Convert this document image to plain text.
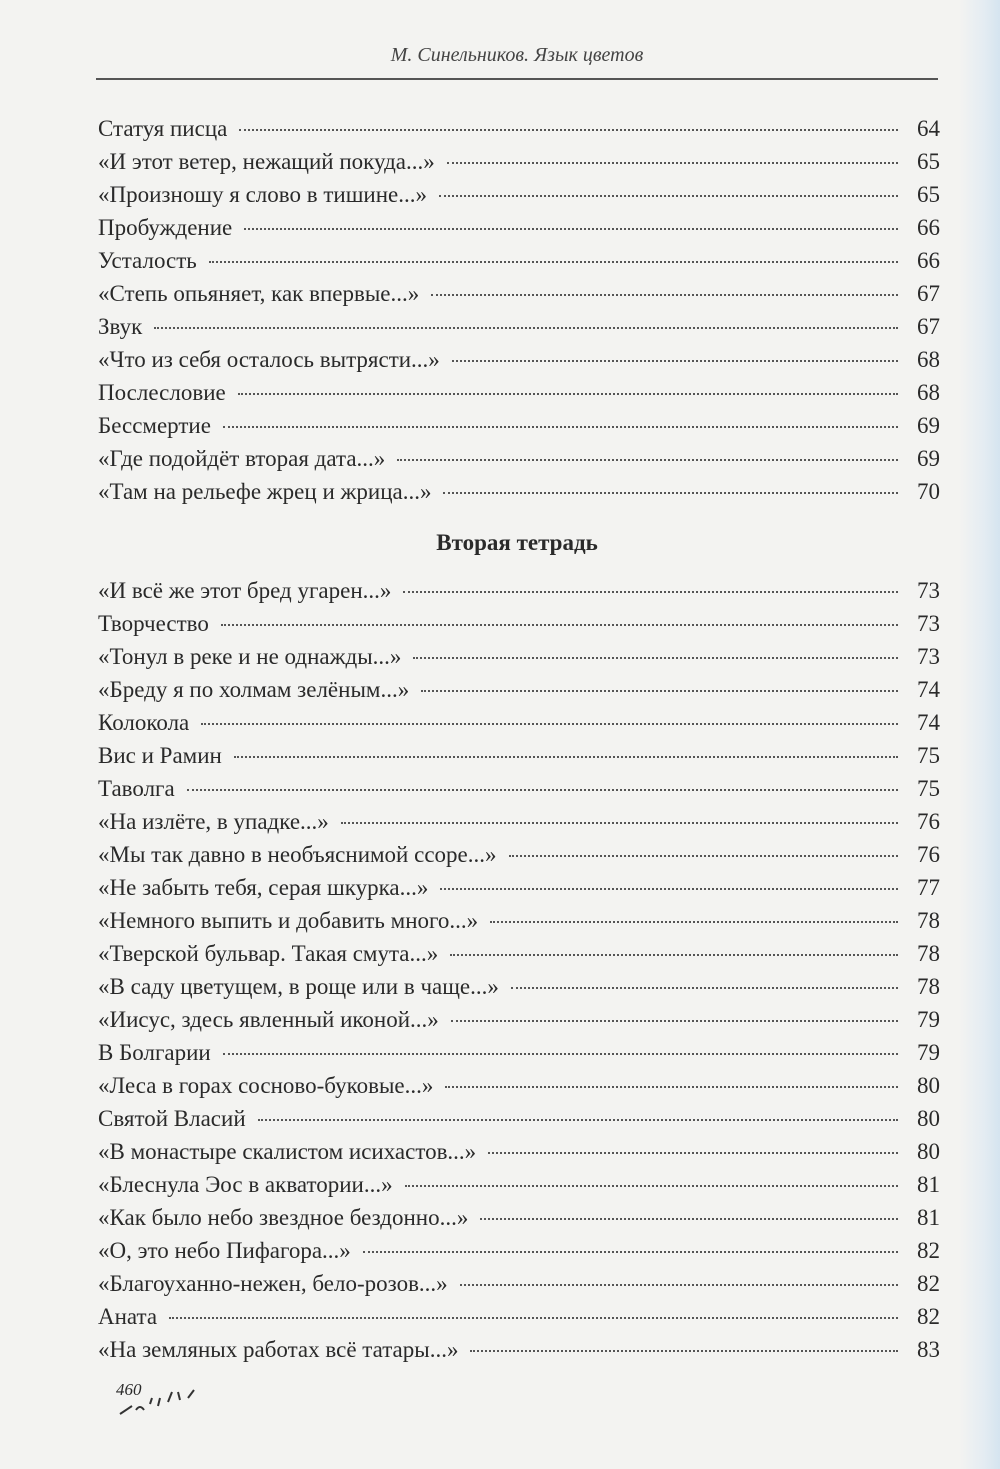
М. Синельников. Язык цветов
Статуя писца	64
«И этот ветер, нежащий покуда...»	65
«Произношу я слово в тишине...»	65
Пробуждение	66
Усталость	66
«Степь опьяняет, как впервые...»	67
Звук	67
«Что из себя осталось вытрясти...»	68
Послесловие	68
Бессмертие	69
«Где подойдёт вторая дата...»	69
«Там на рельефе жрец и жрица...»	70
Вторая тетрадь
«И всё же этот бред угарен...»	73
Творчество	73
«Тонул в реке и не однажды...»	73
«Бреду я по холмам зелёным...»	74
Колокола	74
Вис и Рамин	75
Таволга	75
«На излёте, в упадке...»	76
«Мы так давно в необъяснимой ссоре...»	76
«Не забыть тебя, серая шкурка...»	77
«Немного выпить и добавить много...»	78
«Тверской бульвар. Такая смута...»	78
«В саду цветущем, в роще или в чаще...»	78
«Иисус, здесь явленный иконой...»	79
В Болгарии	79
«Леса в горах сосново-буковые...»	80
Святой Власий	80
«В монастыре скалистом исихастов...»	80
«Блеснула Эос в акватории...»	81
«Как было небо звездное бездонно...»	81
«О, это небо Пифагора...»	82
«Благоуханно-нежен, бело-розов...»	82
Аната	82
«На земляных работах всё татары...»	83
460
